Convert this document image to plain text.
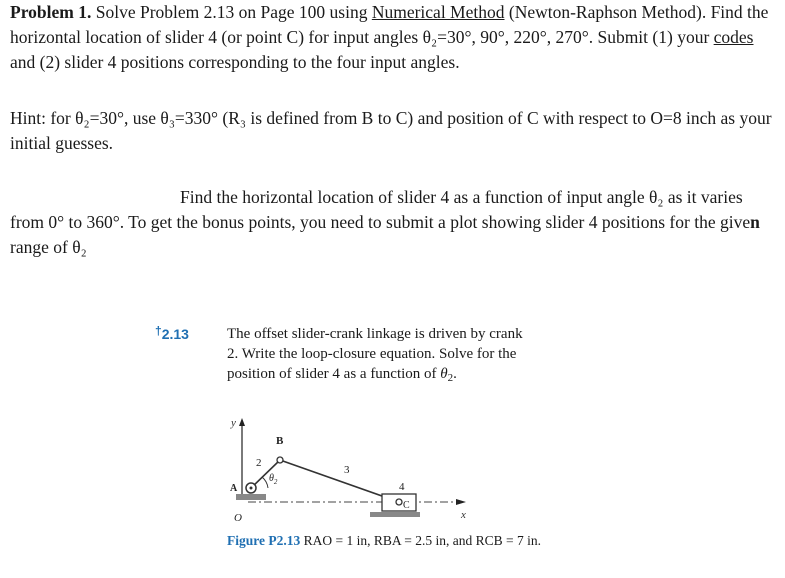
Problem 1. Solve Problem 2.13 on Page 100 using Numerical Method (Newton-Raphson Method). Find the horizontal location of slider 4 (or point C) for input angles θ₂=30°, 90°, 220°, 270°. Submit (1) your codes and (2) slider 4 positions corresponding to the four input angles.
Hint: for θ₂=30°, use θ₃=330° (R₃ is defined from B to C) and position of C with respect to O=8 inch as your initial guesses.
Find the horizontal location of slider 4 as a function of input angle θ₂ as it varies from 0° to 360°. To get the bonus points, you need to submit a plot showing slider 4 positions for the given range of θ₂
†2.13	The offset slider-crank linkage is driven by crank
2. Write the loop-closure equation. Solve for the
position of slider 4 as a function of $\theta_2$.
y
x
B
2
3
4
A
O
C
$\theta_2$
Figure P2.13 RAO = 1 in, RBA = 2.5 in, and RCB = 7 in.
